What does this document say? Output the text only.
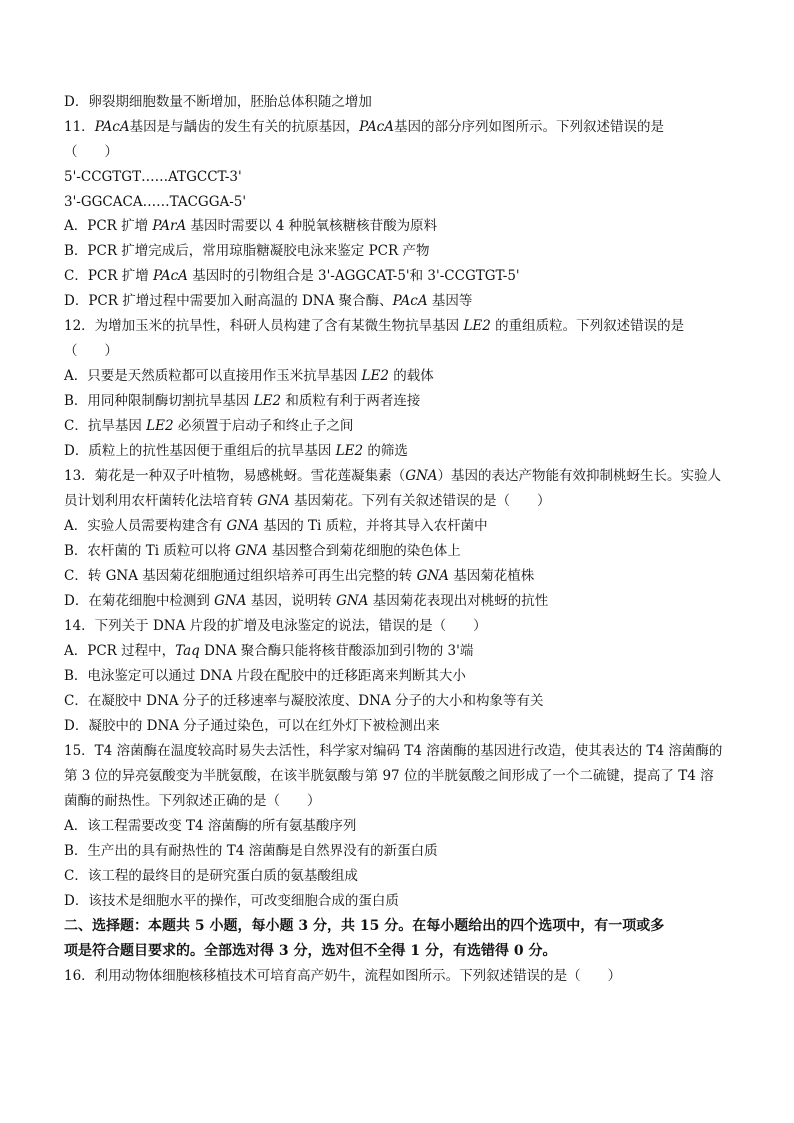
D．卵裂期细胞数量不断增加，胚胎总体积随之增加
11．PAcA基因是与龋齿的发生有关的抗原基因，PAcA基因的部分序列如图所示。下列叙述错误的是
（　　）
5'-CCGTGT……ATGCCT-3'
3'-GGCACA……TACGGA-5'
A．PCR 扩增 PArA 基因时需要以 4 种脱氧核糖核苷酸为原料
B．PCR 扩增完成后，常用琼脂糖凝胶电泳来鉴定 PCR 产物
C．PCR 扩增 PAcA 基因时的引物组合是 3'-AGGCAT-5'和 3'-CCGTGT-5'
D．PCR 扩增过程中需要加入耐高温的 DNA 聚合酶、PAcA 基因等
12．为增加玉米的抗旱性，科研人员构建了含有某微生物抗旱基因 LE2 的重组质粒。下列叙述错误的是
（　　）
A．只要是天然质粒都可以直接用作玉米抗旱基因 LE2 的载体
B．用同种限制酶切割抗旱基因 LE2 和质粒有利于两者连接
C．抗旱基因 LE2 必须置于启动子和终止子之间
D．质粒上的抗性基因便于重组后的抗旱基因 LE2 的筛选
13．菊花是一种双子叶植物，易感桃蚜。雪花莲凝集素（GNA）基因的表达产物能有效抑制桃蚜生长。实验人
员计划利用农杆菌转化法培育转 GNA 基因菊花。下列有关叙述错误的是（　　）
A．实验人员需要构建含有 GNA 基因的 Ti 质粒，并将其导入农杆菌中
B．农杆菌的 Ti 质粒可以将 GNA 基因整合到菊花细胞的染色体上
C．转 GNA 基因菊花细胞通过组织培养可再生出完整的转 GNA 基因菊花植株
D．在菊花细胞中检测到 GNA 基因，说明转 GNA 基因菊花表现出对桃蚜的抗性
14．下列关于 DNA 片段的扩增及电泳鉴定的说法，错误的是（　　）
A．PCR 过程中，Taq DNA 聚合酶只能将核苷酸添加到引物的 3'端
B．电泳鉴定可以通过 DNA 片段在配胶中的迁移距离来判断其大小
C．在凝胶中 DNA 分子的迁移速率与凝胶浓度、DNA 分子的大小和构象等有关
D．凝胶中的 DNA 分子通过染色，可以在红外灯下被检测出来
15．T4 溶菌酶在温度较高时易失去活性，科学家对编码 T4 溶菌酶的基因进行改造，使其表达的 T4 溶菌酶的
第 3 位的异亮氨酸变为半胱氨酸，在该半胱氨酸与第 97 位的半胱氨酸之间形成了一个二硫键，提高了 T4 溶
菌酶的耐热性。下列叙述正确的是（　　）
A．该工程需要改变 T4 溶菌酶的所有氨基酸序列
B．生产出的具有耐热性的 T4 溶菌酶是自然界没有的新蛋白质
C．该工程的最终目的是研究蛋白质的氨基酸组成
D．该技术是细胞水平的操作，可改变细胞合成的蛋白质
二、选择题：本题共 5 小题，每小题 3 分，共 15 分。在每小题给出的四个选项中，有一项或多
项是符合题目要求的。全部选对得 3 分，选对但不全得 1 分，有选错得 0 分。
16．利用动物体细胞核移植技术可培育高产奶牛，流程如图所示。下列叙述错误的是（　　）
